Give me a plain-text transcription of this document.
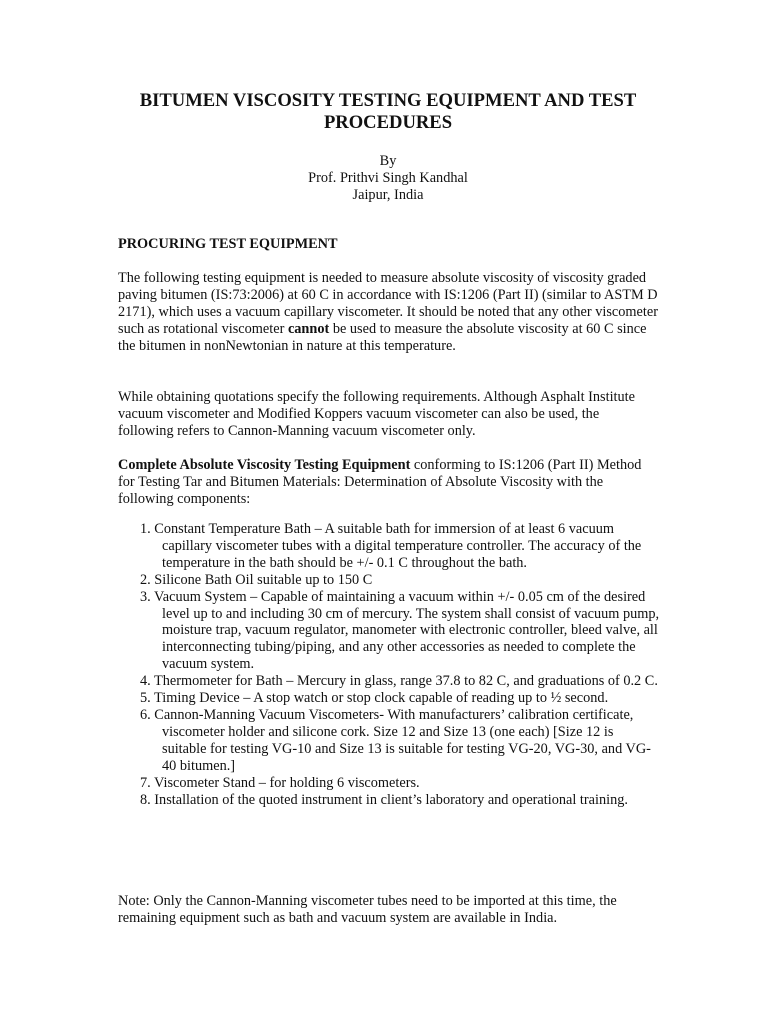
BITUMEN VISCOSITY TESTING EQUIPMENT AND TEST PROCEDURES
By
Prof. Prithvi Singh Kandhal
Jaipur, India
PROCURING TEST EQUIPMENT

The following testing equipment is needed to measure absolute viscosity of viscosity graded paving bitumen (IS:73:2006) at 60 C in accordance with IS:1206 (Part II) (similar to ASTM D 2171), which uses a vacuum capillary viscometer. It should be noted that any other viscometer such as rotational viscometer cannot be used to measure the absolute viscosity at 60 C since the bitumen in nonNewtonian in nature at this temperature.

While obtaining quotations specify the following requirements. Although Asphalt Institute vacuum viscometer and Modified Koppers vacuum viscometer can also be used, the following refers to Cannon-Manning vacuum viscometer only.

Complete Absolute Viscosity Testing Equipment conforming to IS:1206 (Part II) Method for Testing Tar and Bitumen Materials: Determination of Absolute Viscosity with the following components:

1. Constant Temperature Bath – A suitable bath for immersion of at least 6 vacuum capillary viscometer tubes with a digital temperature controller. The accuracy of the temperature in the bath should be +/- 0.1 C throughout the bath.
2. Silicone Bath Oil suitable up to 150 C
3. Vacuum System – Capable of maintaining a vacuum within +/- 0.05 cm of the desired level up to and including 30 cm of mercury. The system shall consist of vacuum pump, moisture trap, vacuum regulator, manometer with electronic controller, bleed valve, all interconnecting tubing/piping, and any other accessories as needed to complete the vacuum system.
4. Thermometer for Bath – Mercury in glass, range 37.8 to 82 C, and graduations of 0.2 C.
5. Timing Device – A stop watch or stop clock capable of reading up to ½ second.
6. Cannon-Manning Vacuum Viscometers- With manufacturers’ calibration certificate, viscometer holder and silicone cork. Size 12 and Size 13 (one each) [Size 12 is suitable for testing VG-10 and Size 13 is suitable for testing VG-20, VG-30, and VG-40 bitumen.]
7. Viscometer Stand – for holding 6 viscometers.
8. Installation of the quoted instrument in client’s laboratory and operational training.

Note: Only the Cannon-Manning viscometer tubes need to be imported at this time, the remaining equipment such as bath and vacuum system are available in India.
